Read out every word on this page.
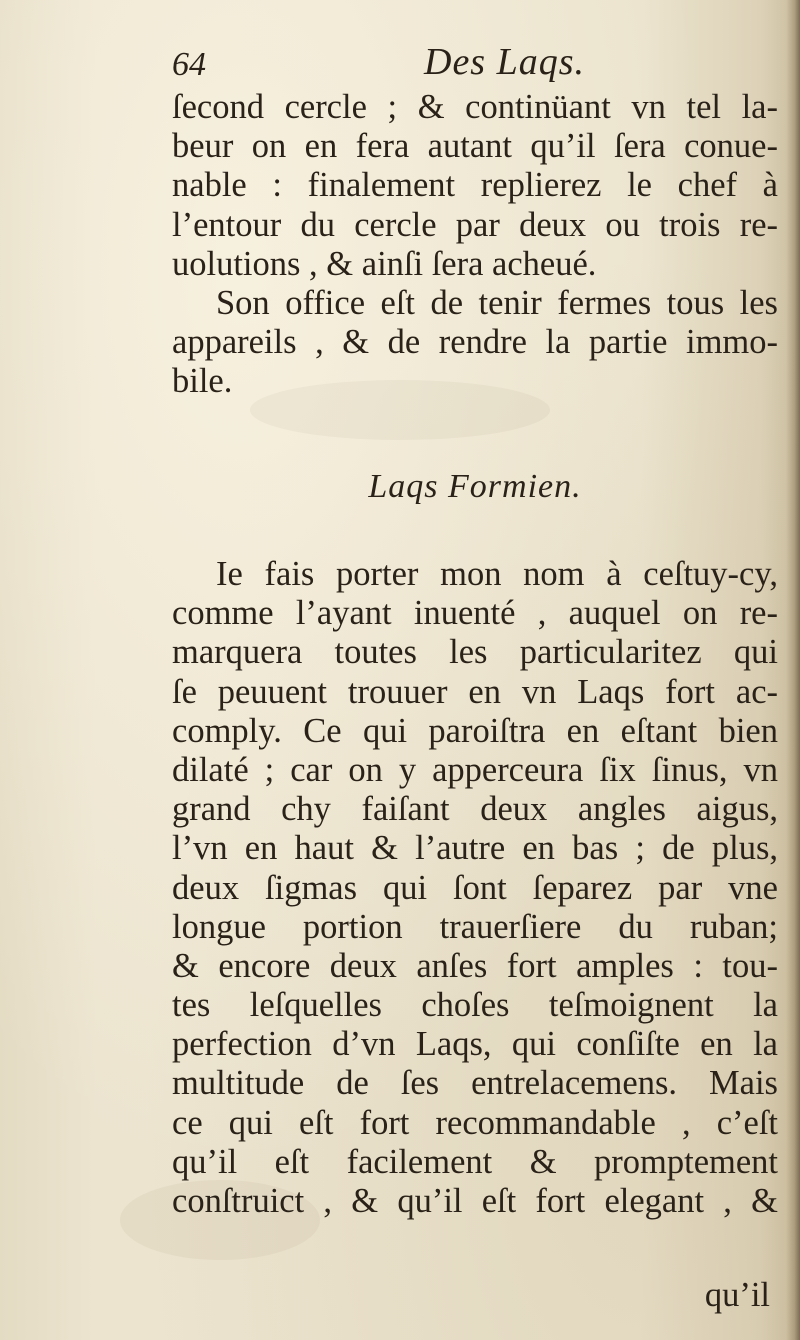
64	Des Laqs.
ſecond cercle ; & continüant vn tel la-
beur on en fera autant qu’il ſera conue-
nable : finalement replierez le chef à
l’entour du cercle par deux ou trois re-
uolutions , & ainſi ſera acheué.
Son office eſt de tenir fermes tous les
appareils , & de rendre la partie immo-
bile.
Laqs Formien.
Ie fais porter mon nom à ceſtuy-cy,
comme l’ayant inuenté , auquel on re-
marquera toutes les particularitez qui
ſe peuuent trouuer en vn Laqs fort ac-
comply. Ce qui paroiſtra en eſtant bien
dilaté ; car on y apperceura ſix ſinus, vn
grand chy faiſant deux angles aigus,
l’vn en haut & l’autre en bas ; de plus,
deux ſigmas qui ſont ſeparez par vne
longue portion trauerſiere du ruban;
& encore deux anſes fort amples : tou-
tes leſquelles choſes teſmoignent la
perfection d’vn Laqs, qui conſiſte en la
multitude de ſes entrelacemens. Mais
ce qui eſt fort recommandable , c’eſt
qu’il eſt facilement & promptement
conſtruict , & qu’il eſt fort elegant , &
qu’il
